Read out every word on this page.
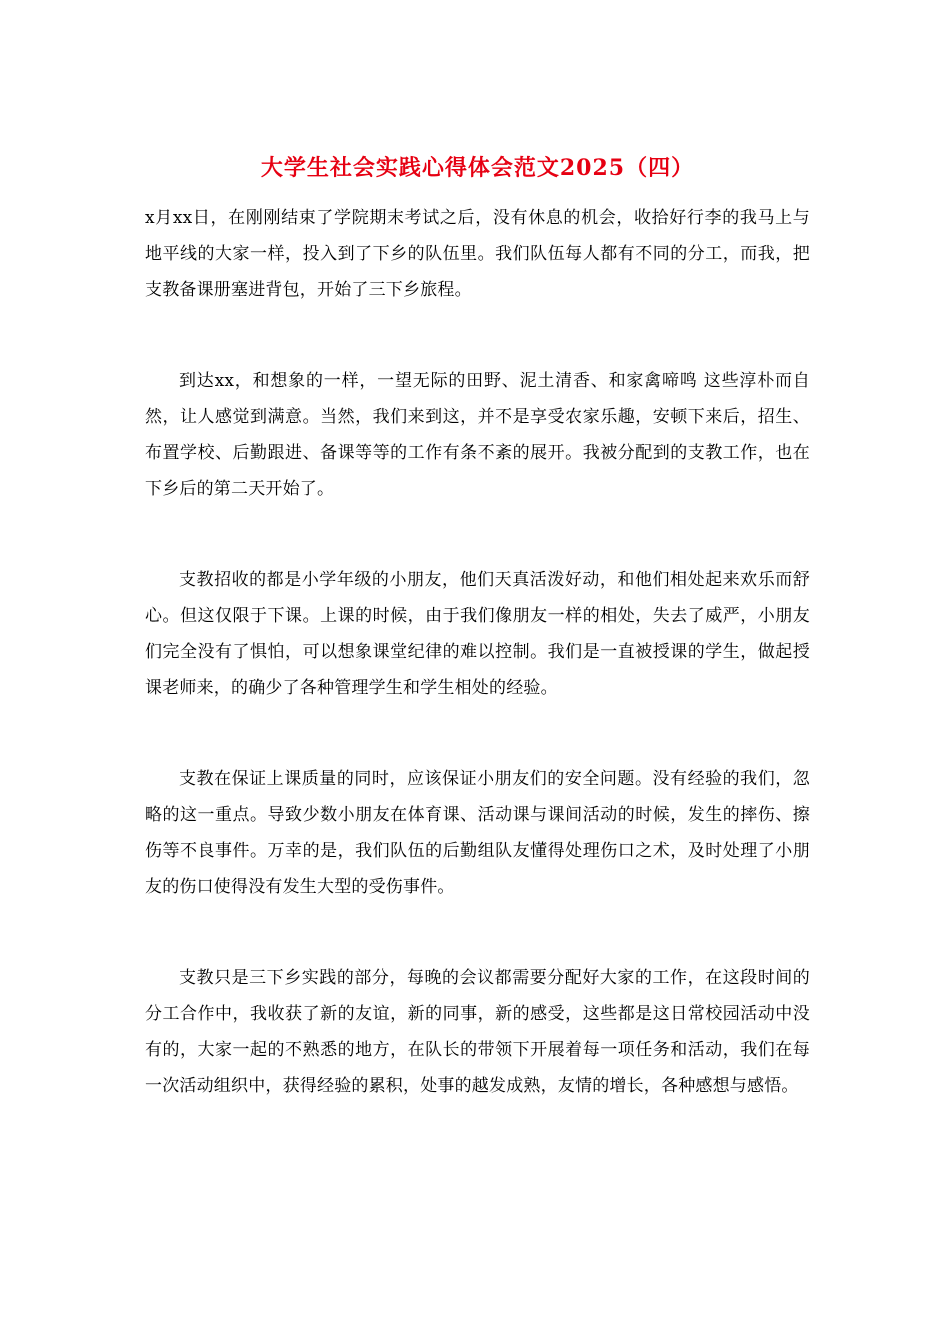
大学生社会实践心得体会范文2025（四）

x月xx日，在刚刚结束了学院期末考试之后，没有休息的机会，收拾好行李的我马上与地平线的大家一样，投入到了下乡的队伍里。我们队伍每人都有不同的分工，而我，把支教备课册塞进背包，开始了三下乡旅程。

到达xx，和想象的一样，一望无际的田野、泥土清香、和家禽啼鸣 这些淳朴而自然，让人感觉到满意。当然，我们来到这，并不是享受农家乐趣，安顿下来后，招生、布置学校、后勤跟进、备课等等的工作有条不紊的展开。我被分配到的支教工作，也在下乡后的第二天开始了。

支教招收的都是小学年级的小朋友，他们天真活泼好动，和他们相处起来欢乐而舒心。但这仅限于下课。上课的时候，由于我们像朋友一样的相处，失去了威严，小朋友们完全没有了惧怕，可以想象课堂纪律的难以控制。我们是一直被授课的学生，做起授课老师来，的确少了各种管理学生和学生相处的经验。

支教在保证上课质量的同时，应该保证小朋友们的安全问题。没有经验的我们，忽略的这一重点。导致少数小朋友在体育课、活动课与课间活动的时候，发生的摔伤、擦伤等不良事件。万幸的是，我们队伍的后勤组队友懂得处理伤口之术，及时处理了小朋友的伤口使得没有发生大型的受伤事件。

支教只是三下乡实践的部分，每晚的会议都需要分配好大家的工作，在这段时间的分工合作中，我收获了新的友谊，新的同事，新的感受，这些都是这日常校园活动中没有的，大家一起的不熟悉的地方，在队长的带领下开展着每一项任务和活动，我们在每一次活动组织中，获得经验的累积，处事的越发成熟，友情的增长，各种感想与感悟。
